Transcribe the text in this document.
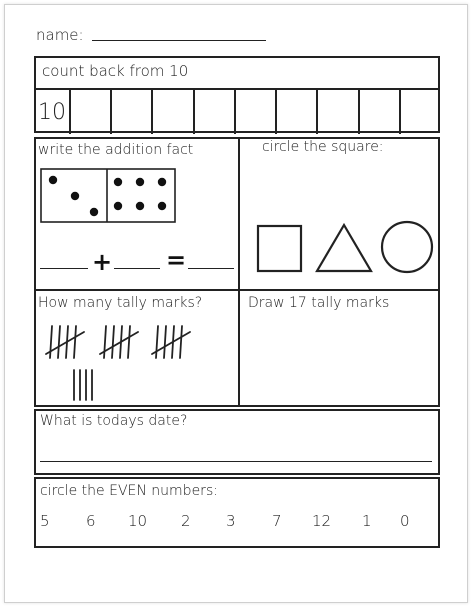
name:
count back from 10
10
write the addition fact
+ =
circle the square:
How many tally marks?	Draw 17 tally marks
What is todays date?
circle the EVEN numbers:
5 6 10 2 3 7 12 1 0
